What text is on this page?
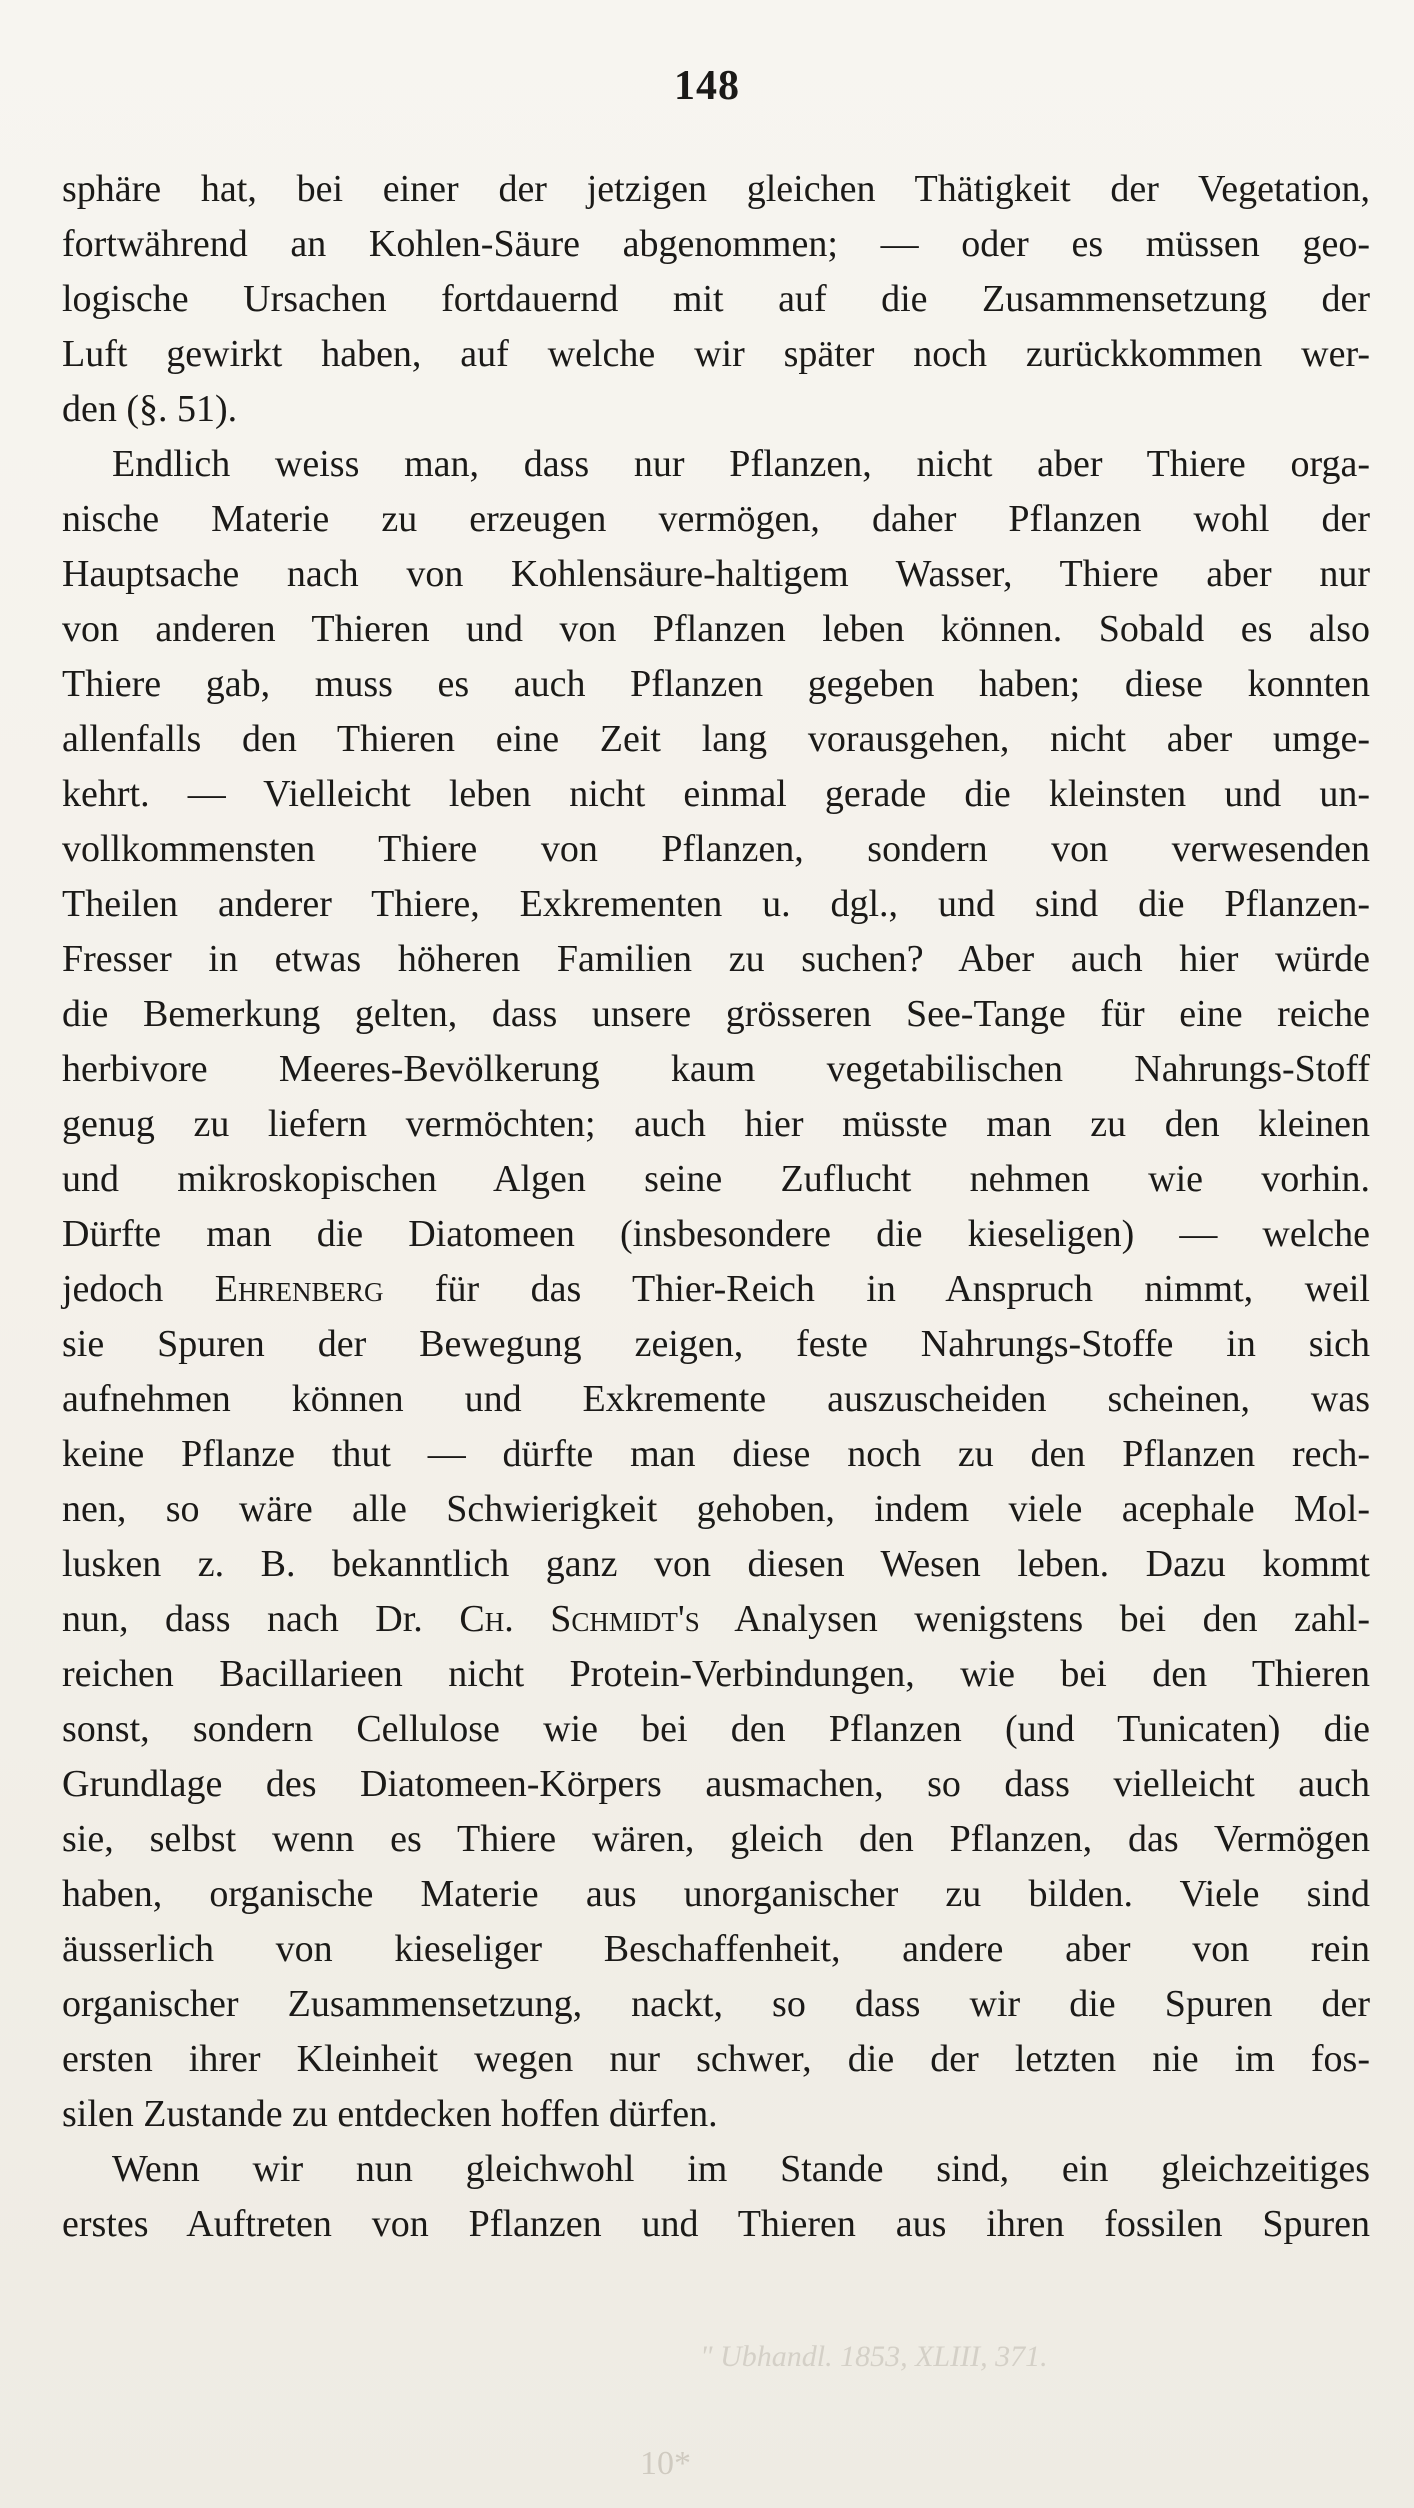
148
sphäre hat, bei einer der jetzigen gleichen Thätigkeit der Vegetation,
fortwährend an Kohlen-Säure abgenommen; — oder es müssen geo-
logische Ursachen fortdauernd mit auf die Zusammensetzung der
Luft gewirkt haben, auf welche wir später noch zurückkommen wer-
den (§. 51).
Endlich weiss man, dass nur Pflanzen, nicht aber Thiere orga-
nische Materie zu erzeugen vermögen, daher Pflanzen wohl der
Hauptsache nach von Kohlensäure-haltigem Wasser, Thiere aber nur
von anderen Thieren und von Pflanzen leben können. Sobald es also
Thiere gab, muss es auch Pflanzen gegeben haben; diese konnten
allenfalls den Thieren eine Zeit lang vorausgehen, nicht aber umge-
kehrt. — Vielleicht leben nicht einmal gerade die kleinsten und un-
vollkommensten Thiere von Pflanzen, sondern von verwesenden
Theilen anderer Thiere, Exkrementen u. dgl., und sind die Pflanzen-
Fresser in etwas höheren Familien zu suchen? Aber auch hier würde
die Bemerkung gelten, dass unsere grösseren See-Tange für eine reiche
herbivore Meeres-Bevölkerung kaum vegetabilischen Nahrungs-Stoff
genug zu liefern vermöchten; auch hier müsste man zu den kleinen
und mikroskopischen Algen seine Zuflucht nehmen wie vorhin.
Dürfte man die Diatomeen (insbesondere die kieseligen) — welche
jedoch Ehrenberg für das Thier-Reich in Anspruch nimmt, weil
sie Spuren der Bewegung zeigen, feste Nahrungs-Stoffe in sich
aufnehmen können und Exkremente auszuscheiden scheinen, was
keine Pflanze thut — dürfte man diese noch zu den Pflanzen rech-
nen, so wäre alle Schwierigkeit gehoben, indem viele acephale Mol-
lusken z. B. bekanntlich ganz von diesen Wesen leben. Dazu kommt
nun, dass nach Dr. Ch. Schmidt's Analysen wenigstens bei den zahl-
reichen Bacillarieen nicht Protein-Verbindungen, wie bei den Thieren
sonst, sondern Cellulose wie bei den Pflanzen (und Tunicaten) die
Grundlage des Diatomeen-Körpers ausmachen, so dass vielleicht auch
sie, selbst wenn es Thiere wären, gleich den Pflanzen, das Vermögen
haben, organische Materie aus unorganischer zu bilden. Viele sind
äusserlich von kieseliger Beschaffenheit, andere aber von rein
organischer Zusammensetzung, nackt, so dass wir die Spuren der
ersten ihrer Kleinheit wegen nur schwer, die der letzten nie im fos-
silen Zustande zu entdecken hoffen dürfen.
Wenn wir nun gleichwohl im Stande sind, ein gleichzeitiges
erstes Auftreten von Pflanzen und Thieren aus ihren fossilen Spuren
" Ubhandl. 1853, XLIII, 371.
10*
